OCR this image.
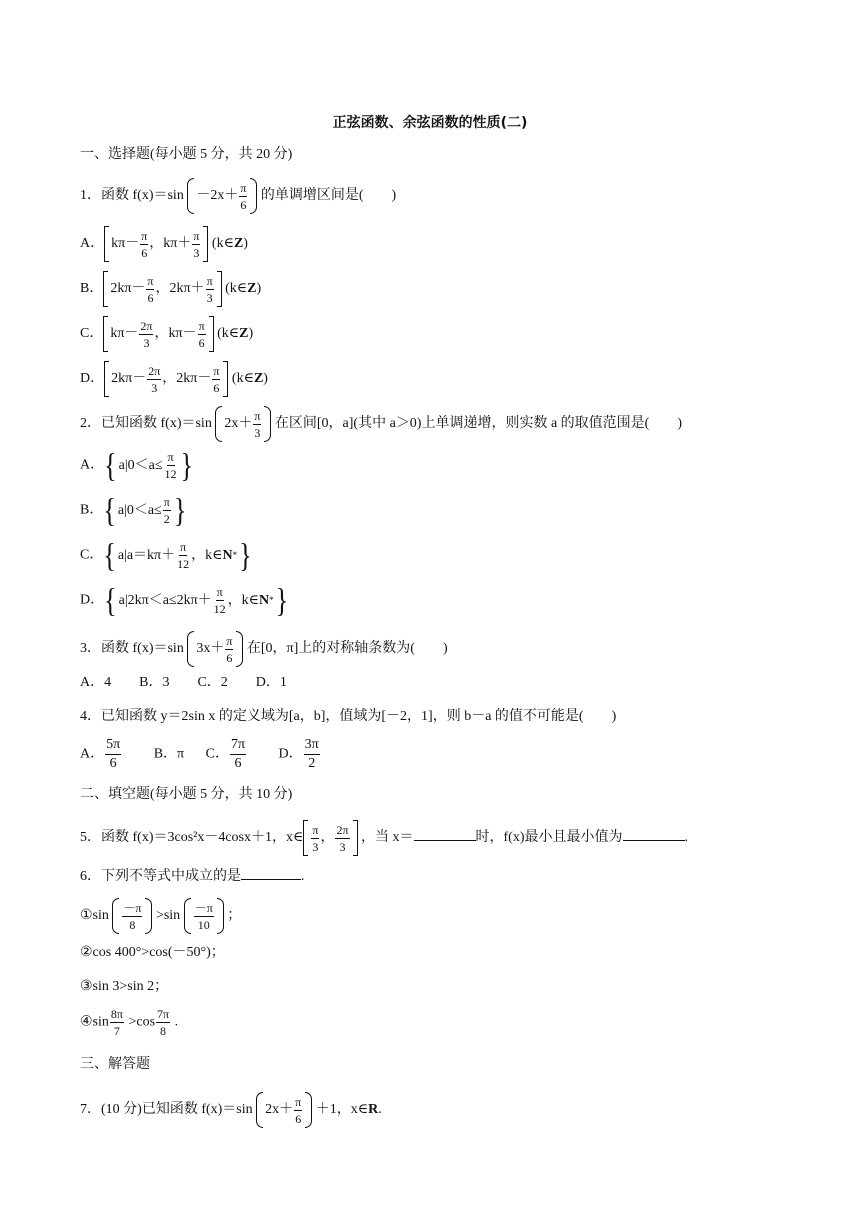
正弦函数、余弦函数的性质(二)
一、选择题(每小题 5 分，共 20 分)
1．函数 $f(x)=\sin -2x+ \frac{\pi}{6}$ 的单调增区间是(　　)
A． $k\pi- \frac{\pi}{6}$ ，$k\pi+ \frac{\pi}{3}$ (k∈Z)
B． $2k\pi- \frac{\pi}{6}$ ，$2k\pi+ \frac{\pi}{3}$ (k∈Z)
C． $k\pi- \frac{2\pi}{3}$ ，$k\pi- \frac{\pi}{6}$ (k∈Z)
D． $2k\pi- \frac{2\pi}{3}$ ，$2k\pi- \frac{\pi}{6}$ (k∈Z)
2．已知函数 f(x)＝sin $2x+ \frac{\pi}{3}$ 在区间[0，a](其中 a＞0)上单调递增，则实数 a 的取值范围是(　　)
A． { $a|0<a\le \frac{\pi}{12}$ }
B． { $a|0<a\le \frac{\pi}{2}$ }
C． { $a|a=k\pi+ \frac{\pi}{12}$ ，k∈ N * }
D． { $a|2k\pi<a\le 2k\pi+ \frac{\pi}{12}$ ，k∈ N * }
3．函数 f(x)＝sin $3x+ \frac{\pi}{6}$ 在[0，π]上的对称轴条数为(　　)
A．4　　B．3　　C．2　　D．1
4．已知函数 y＝2sin x 的定义域为[a，b]，值域为[－2，1]，则 b－a 的值不可能是(　　)
A． $\frac{5\pi}{6}$ B．π C． $\frac{7\pi}{6}$ D． $\frac{3\pi}{2}$
二、填空题(每小题 5 分，共 10 分)
5．函数 f(x)＝3cos²x－4cosx＋1，x∈ $\frac{\pi}{3}$ ， $\frac{2\pi}{3}$ ，当 x＝	时，f(x)最小且最小值为	.
6．下列不等式中成立的是	.
①sin $\frac{-\pi}{8} >\sin \frac{-\pi}{10}$ ；
②cos 400°>cos(－50°)；
③sin 3>sin 2；
④sin $\frac{8\pi}{7} >\cos \frac{7\pi}{8}$ .
三、解答题
7．(10 分)已知函数 f(x)＝sin $2x+ \frac{\pi}{6} +1$，x∈R.
